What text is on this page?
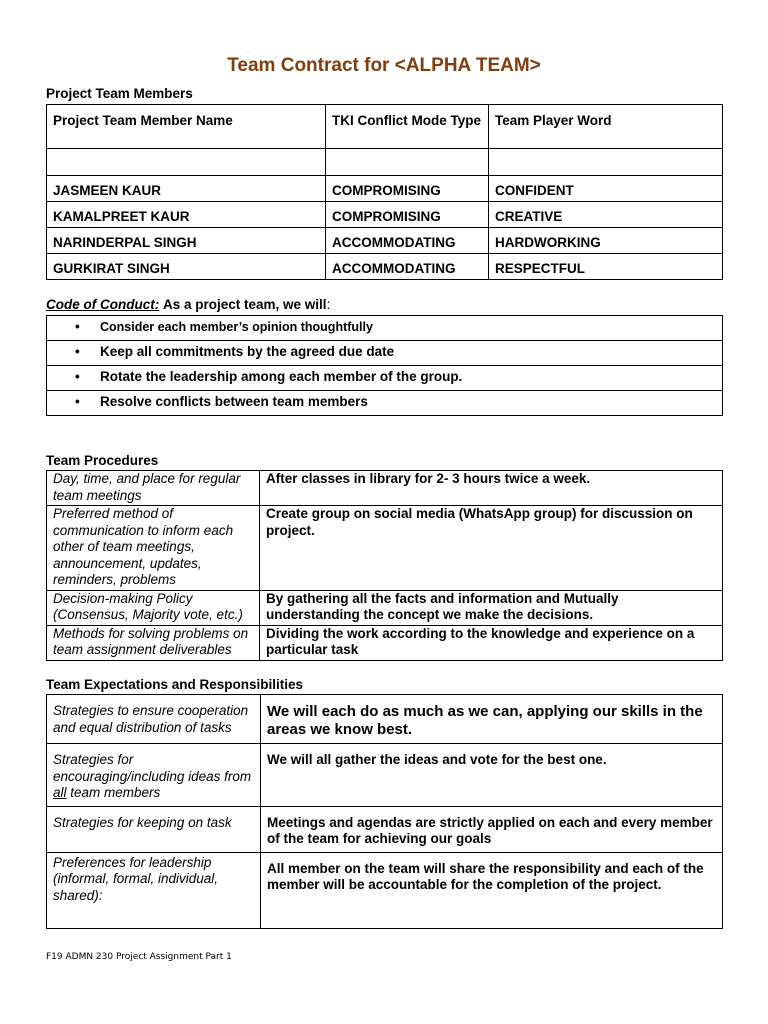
Team Contract for <ALPHA TEAM>
Project Team Members
Project Team Member Name	TKI Conflict Mode Type	Team Player Word

JASMEEN KAUR	COMPROMISING	CONFIDENT
KAMALPREET KAUR	COMPROMISING	CREATIVE
NARINDERPAL SINGH	ACCOMMODATING	HARDWORKING
GURKIRAT SINGH	ACCOMMODATING	RESPECTFUL
Code of Conduct: As a project team, we will:
• Consider each member’s opinion thoughtfully
• Keep all commitments by the agreed due date
• Rotate the leadership among each member of the group.
• Resolve conflicts between team members
Team Procedures
Day, time, and place for regular team meetings	After classes in library for 2- 3 hours twice a week.
Preferred method of communication to inform each other of team meetings, announcement, updates, reminders, problems	Create group on social media (WhatsApp group) for discussion on project.
Decision-making Policy (Consensus, Majority vote, etc.)	By gathering all the facts and information and Mutually understanding the concept we make the decisions.
Methods for solving problems on team assignment deliverables	Dividing the work according to the knowledge and experience on a particular task
Team Expectations and Responsibilities
Strategies to ensure cooperation and equal distribution of tasks	We will each do as much as we can, applying our skills in the areas we know best.
Strategies for encouraging/including ideas from all team members	We will all gather the ideas and vote for the best one.
Strategies for keeping on task	Meetings and agendas are strictly applied on each and every member of the team for achieving our goals
Preferences for leadership (informal, formal, individual, shared):	All member on the team will share the responsibility and each of the member will be accountable for the completion of the project.
F19 ADMN 230 Project Assignment Part 1
